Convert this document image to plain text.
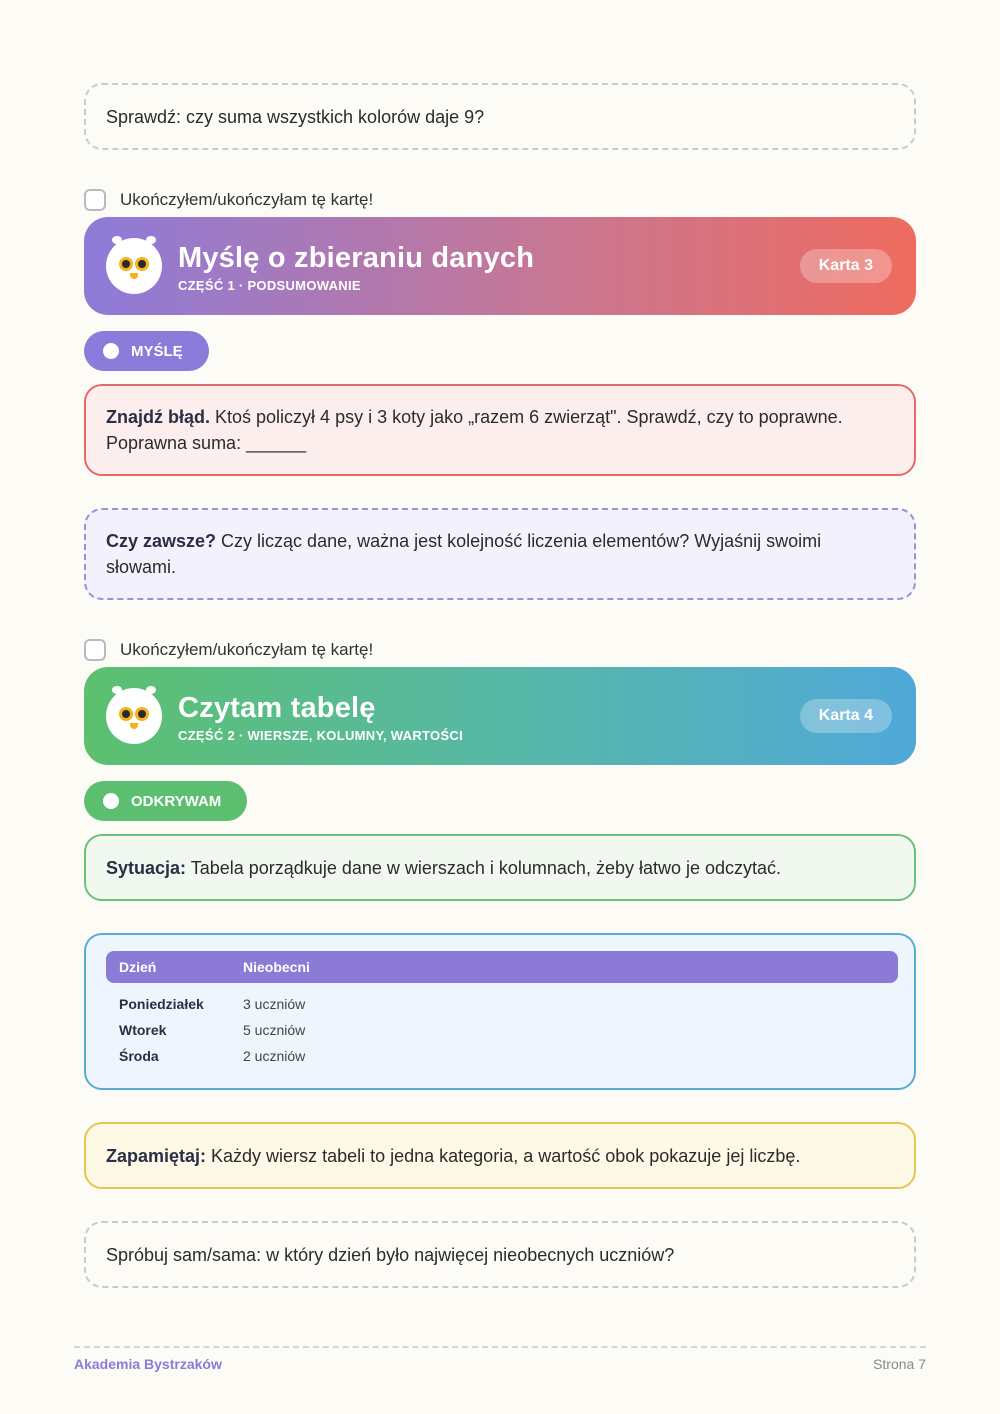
Sprawdź: czy suma wszystkich kolorów daje 9?
Ukończyłem/ukończyłam tę kartę!
Myślę o zbieraniu danych
CZĘŚĆ 1 · PODSUMOWANIE
Karta 3
MYŚLĘ
Znajdź błąd. Ktoś policzył 4 psy i 3 koty jako „razem 6 zwierząt". Sprawdź, czy to poprawne.
Poprawna suma: ______
Czy zawsze? Czy licząc dane, ważna jest kolejność liczenia elementów? Wyjaśnij swoimi słowami.
Ukończyłem/ukończyłam tę kartę!
Czytam tabelę
CZĘŚĆ 2 · WIERSZE, KOLUMNY, WARTOŚCI
Karta 4
ODKRYWAM
Sytuacja: Tabela porządkuje dane w wierszach i kolumnach, żeby łatwo je odczytać.
Dzień	Nieobecni
Poniedziałek	3 uczniów
Wtorek	5 uczniów
Środa	2 uczniów
Zapamiętaj: Każdy wiersz tabeli to jedna kategoria, a wartość obok pokazuje jej liczbę.
Spróbuj sam/sama: w który dzień było najwięcej nieobecnych uczniów?
Akademia Bystrzaków	Strona 7
